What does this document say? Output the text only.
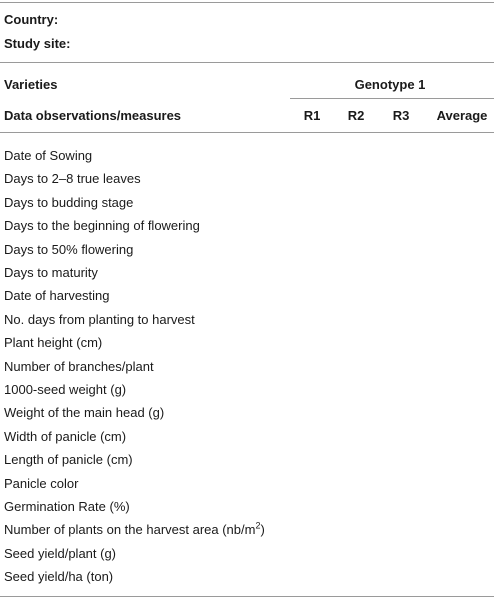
Country:
Study site:
Varieties	Genotype 1
Data observations/measures	R1	R2	R3	Average
Date of Sowing
Days to 2–8 true leaves
Days to budding stage
Days to the beginning of flowering
Days to 50% flowering
Days to maturity
Date of harvesting
No. days from planting to harvest
Plant height (cm)
Number of branches/plant
1000-seed weight (g)
Weight of the main head (g)
Width of panicle (cm)
Length of panicle (cm)
Panicle color
Germination Rate (%)
Number of plants on the harvest area $(nb/m^2)$
Seed yield/plant (g)
Seed yield/ha (ton)
